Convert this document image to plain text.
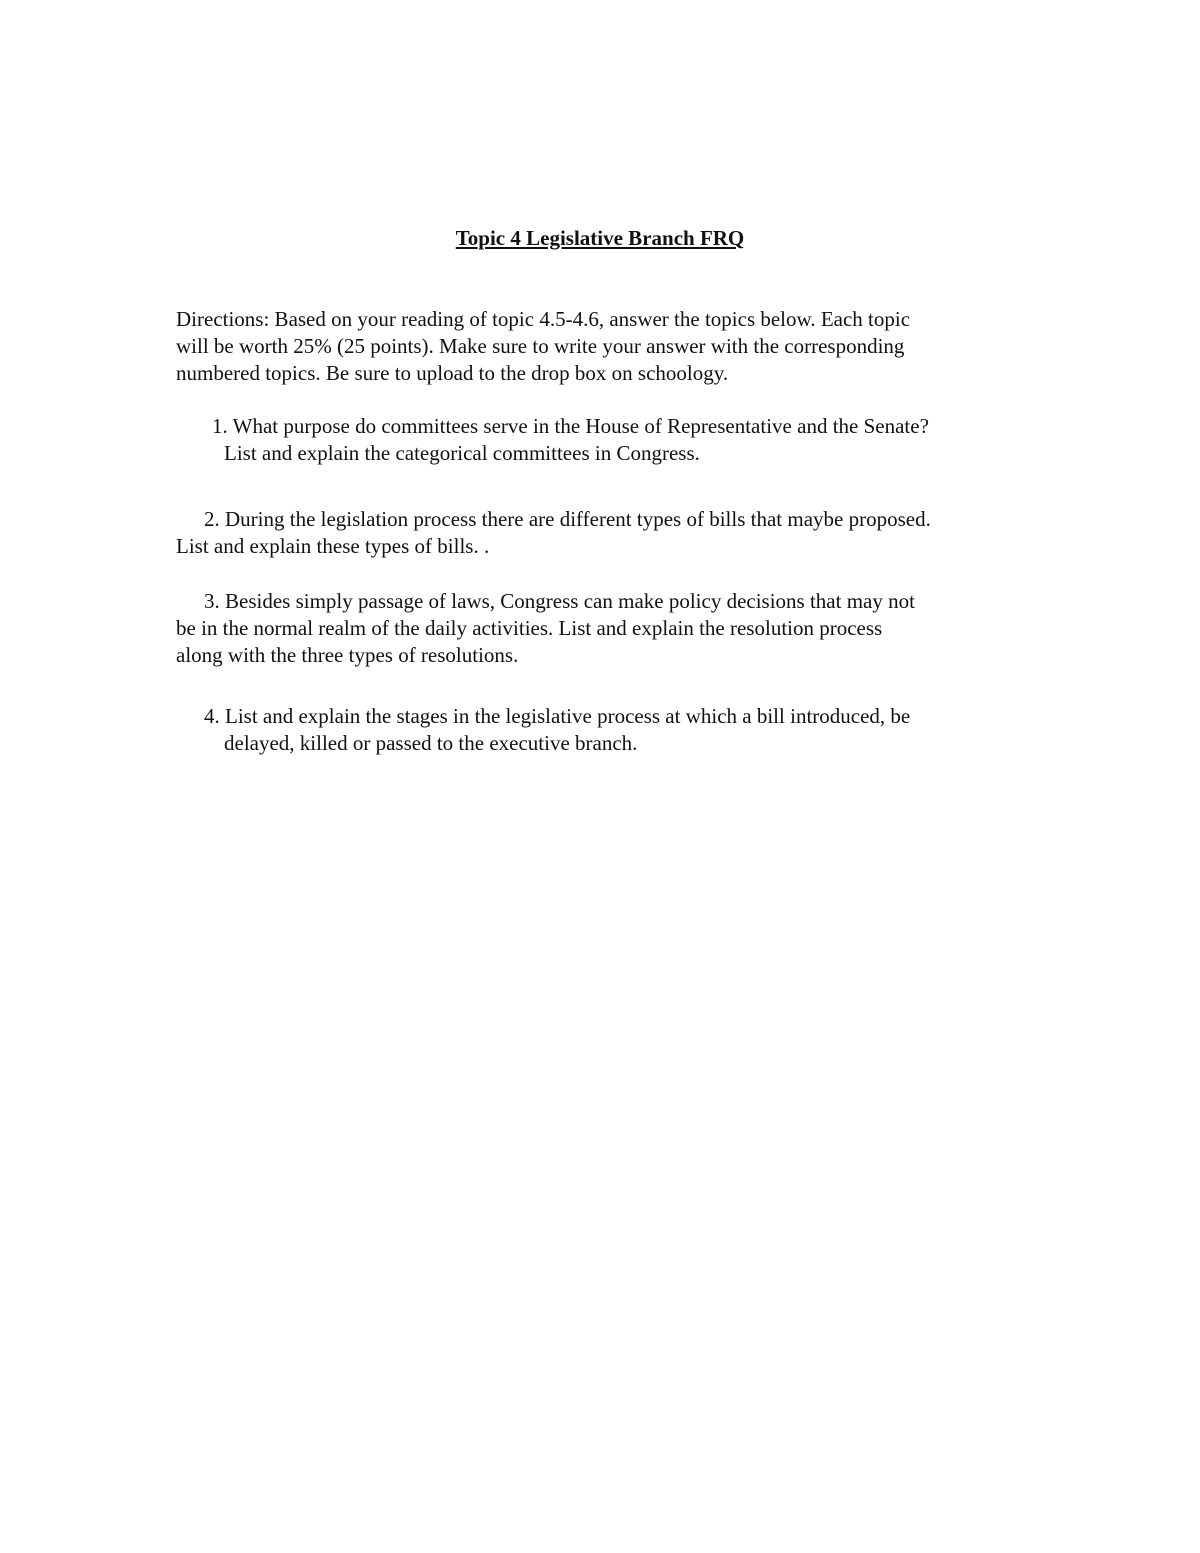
Topic 4 Legislative Branch FRQ
Directions: Based on your reading of topic 4.5-4.6, answer the topics below. Each topic
will be worth 25% (25 points). Make sure to write your answer with the corresponding
numbered topics. Be sure to upload to the drop box on schoology.
1. What purpose do committees serve in the House of Representative and the Senate?
List and explain the categorical committees in Congress.
2. During the legislation process there are different types of bills that maybe proposed.
List and explain these types of bills. .
3. Besides simply passage of laws, Congress can make policy decisions that may not
be in the normal realm of the daily activities. List and explain the resolution process
along with the three types of resolutions.
4. List and explain the stages in the legislative process at which a bill introduced, be
delayed, killed or passed to the executive branch.
